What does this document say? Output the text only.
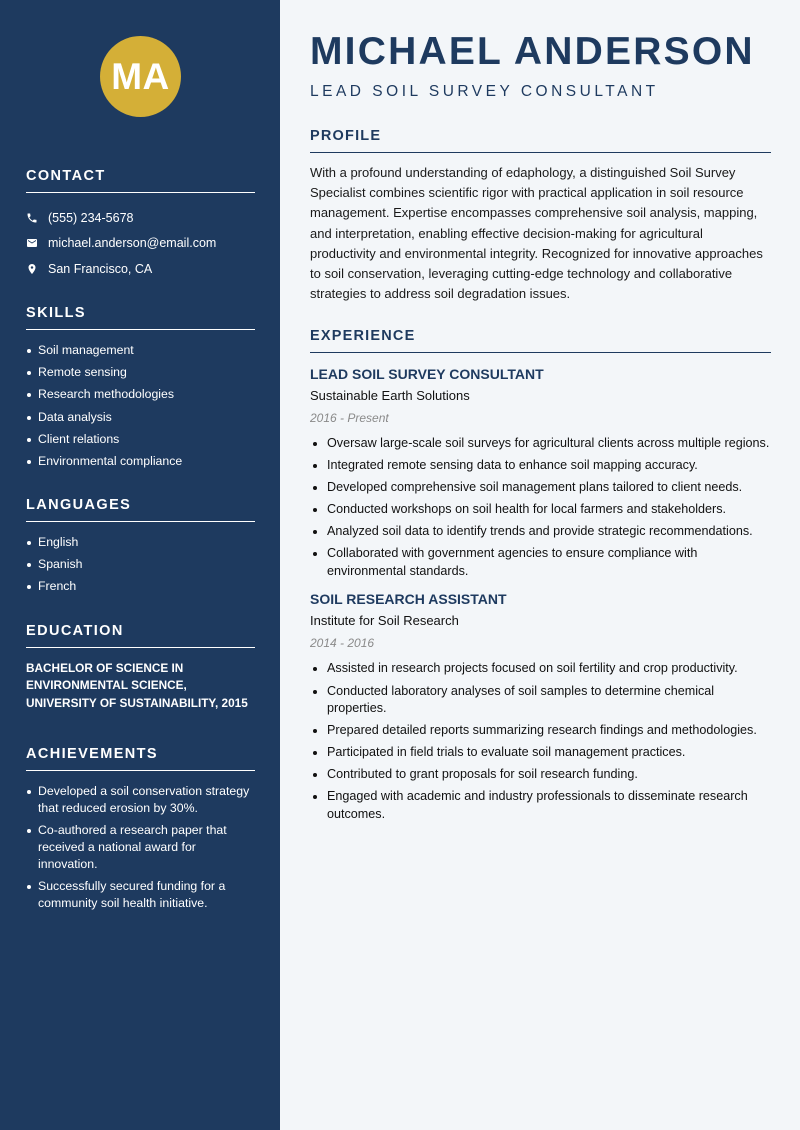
MA
CONTACT
(555) 234-5678
michael.anderson@email.com
San Francisco, CA
SKILLS
Soil management
Remote sensing
Research methodologies
Data analysis
Client relations
Environmental compliance
LANGUAGES
English
Spanish
French
EDUCATION
BACHELOR OF SCIENCE IN ENVIRONMENTAL SCIENCE, UNIVERSITY OF SUSTAINABILITY, 2015
ACHIEVEMENTS
Developed a soil conservation strategy that reduced erosion by 30%.
Co-authored a research paper that received a national award for innovation.
Successfully secured funding for a community soil health initiative.
MICHAEL ANDERSON
LEAD SOIL SURVEY CONSULTANT
PROFILE

With a profound understanding of edaphology, a distinguished Soil Survey Specialist combines scientific rigor with practical application in soil resource management. Expertise encompasses comprehensive soil analysis, mapping, and interpretation, enabling effective decision-making for agricultural productivity and environmental integrity. Recognized for innovative approaches to soil conservation, leveraging cutting-edge technology and collaborative strategies to address soil degradation issues.

EXPERIENCE
LEAD SOIL SURVEY CONSULTANT
Sustainable Earth Solutions
2016 - Present
Oversaw large-scale soil surveys for agricultural clients across multiple regions.
Integrated remote sensing data to enhance soil mapping accuracy.
Developed comprehensive soil management plans tailored to client needs.
Conducted workshops on soil health for local farmers and stakeholders.
Analyzed soil data to identify trends and provide strategic recommendations.
Collaborated with government agencies to ensure compliance with environmental standards.
SOIL RESEARCH ASSISTANT
Institute for Soil Research
2014 - 2016
Assisted in research projects focused on soil fertility and crop productivity.
Conducted laboratory analyses of soil samples to determine chemical properties.
Prepared detailed reports summarizing research findings and methodologies.
Participated in field trials to evaluate soil management practices.
Contributed to grant proposals for soil research funding.
Engaged with academic and industry professionals to disseminate research outcomes.
